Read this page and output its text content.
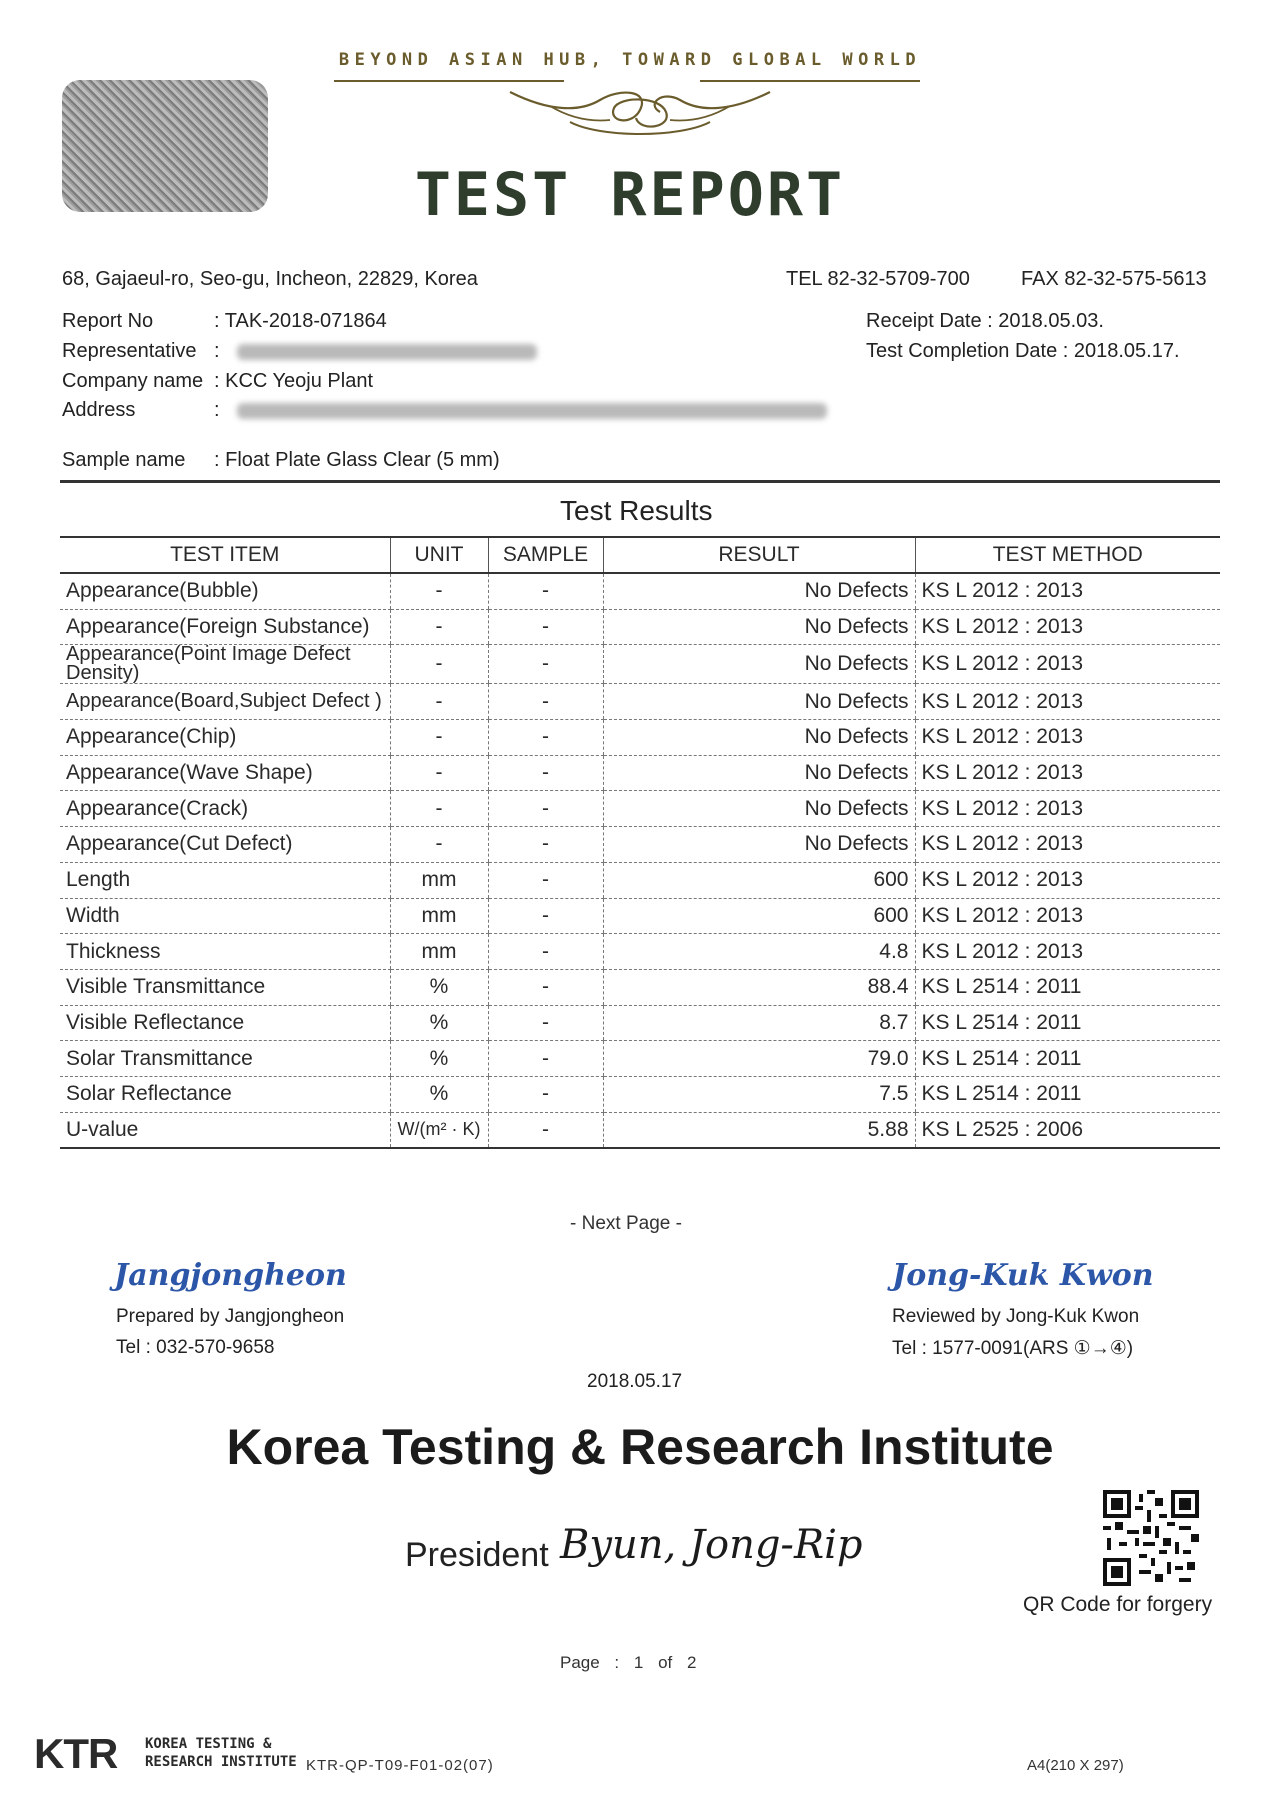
BEYOND ASIAN HUB, TOWARD GLOBAL WORLD
TEST REPORT
68, Gajaeul-ro, Seo-gu, Incheon, 22829, Korea	TEL 82-32-5709-700	FAX 82-32-575-5613
Report No	: TAK-2018-071864
Representative :
Company name : KCC Yeoju Plant
Address	:
Sample name : Float Plate Glass Clear (5 mm)
Receipt Date : 2018.05.03.
Test Completion Date : 2018.05.17.
Test Results
TEST ITEM	UNIT	SAMPLE	RESULT	TEST METHOD
Appearance(Bubble)	-	-	No Defects	KS L 2012 : 2013
Appearance(Foreign Substance)	-	-	No Defects	KS L 2012 : 2013
Appearance(Point Image Defect Density)	-	-	No Defects	KS L 2012 : 2013
Appearance(Board,Subject Defect )	-	-	No Defects	KS L 2012 : 2013
Appearance(Chip)	-	-	No Defects	KS L 2012 : 2013
Appearance(Wave Shape)	-	-	No Defects	KS L 2012 : 2013
Appearance(Crack)	-	-	No Defects	KS L 2012 : 2013
Appearance(Cut Defect)	-	-	No Defects	KS L 2012 : 2013
Length	mm	-	600	KS L 2012 : 2013
Width	mm	-	600	KS L 2012 : 2013
Thickness	mm	-	4.8	KS L 2012 : 2013
Visible Transmittance	%	-	88.4	KS L 2514 : 2011
Visible Reflectance	%	-	8.7	KS L 2514 : 2011
Solar Transmittance	%	-	79.0	KS L 2514 : 2011
Solar Reflectance	%	-	7.5	KS L 2514 : 2011
U-value	W/(m² · K)	-	5.88	KS L 2525 : 2006
- Next Page -
Jangjongheon
Prepared by Jangjongheon
Tel : 032-570-9658
Jong-Kuk Kwon
Reviewed by Jong-Kuk Kwon
Tel : 1577-0091(ARS ①→④)
2018.05.17
Korea Testing & Research Institute
President Byun, Jong-Rip
QR Code for forgery
Page : 1 of 2
KTR KOREA TESTING &
RESEARCH INSTITUTE KTR-QP-T09-F01-02(07)	A4(210 X 297)
